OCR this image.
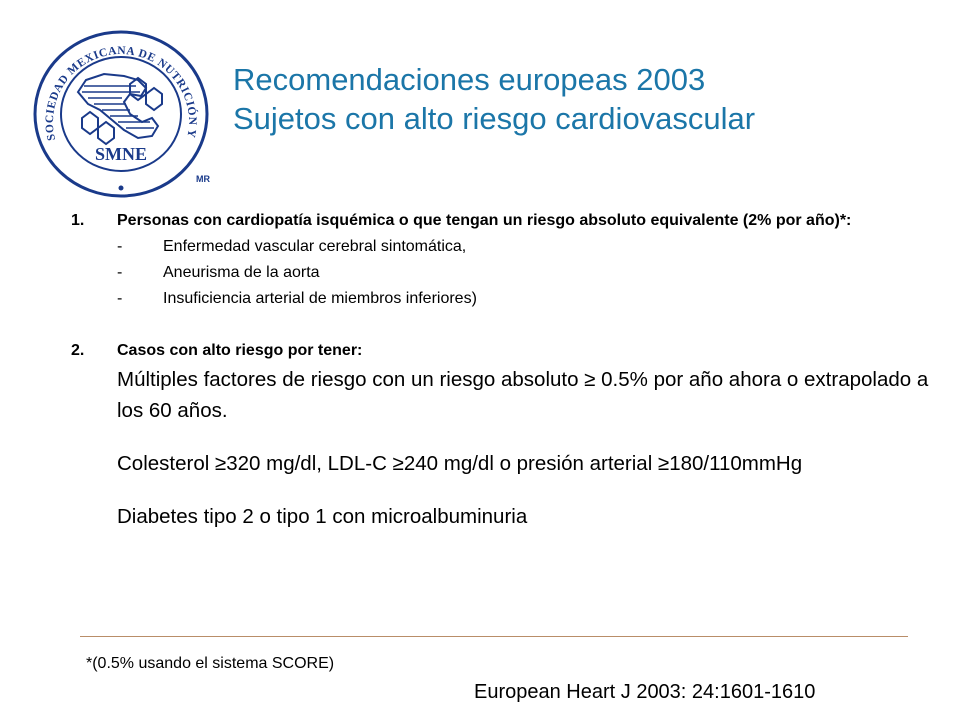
SOCIEDAD MEXICANA DE NUTRICIÓN Y
SMNE
MR
Recomendaciones europeas 2003
Sujetos con alto riesgo cardiovascular
1.	Personas con cardiopatía isquémica o que tengan un riesgo absoluto equivalente (2% por año)*:
-	Enfermedad vascular cerebral sintomática,
-	Aneurisma de la aorta
-	Insuficiencia arterial de miembros inferiores)
2.	Casos con alto riesgo por tener:

Múltiples factores de riesgo con un riesgo absoluto ≥ 0.5% por año ahora o extrapolado a los 60 años.

Colesterol ≥320 mg/dl, LDL-C ≥240 mg/dl o presión arterial ≥180/110mmHg

Diabetes tipo 2 o tipo 1 con microalbuminuria

*(0.5% usando el sistema SCORE)
European Heart J 2003: 24:1601-1610
